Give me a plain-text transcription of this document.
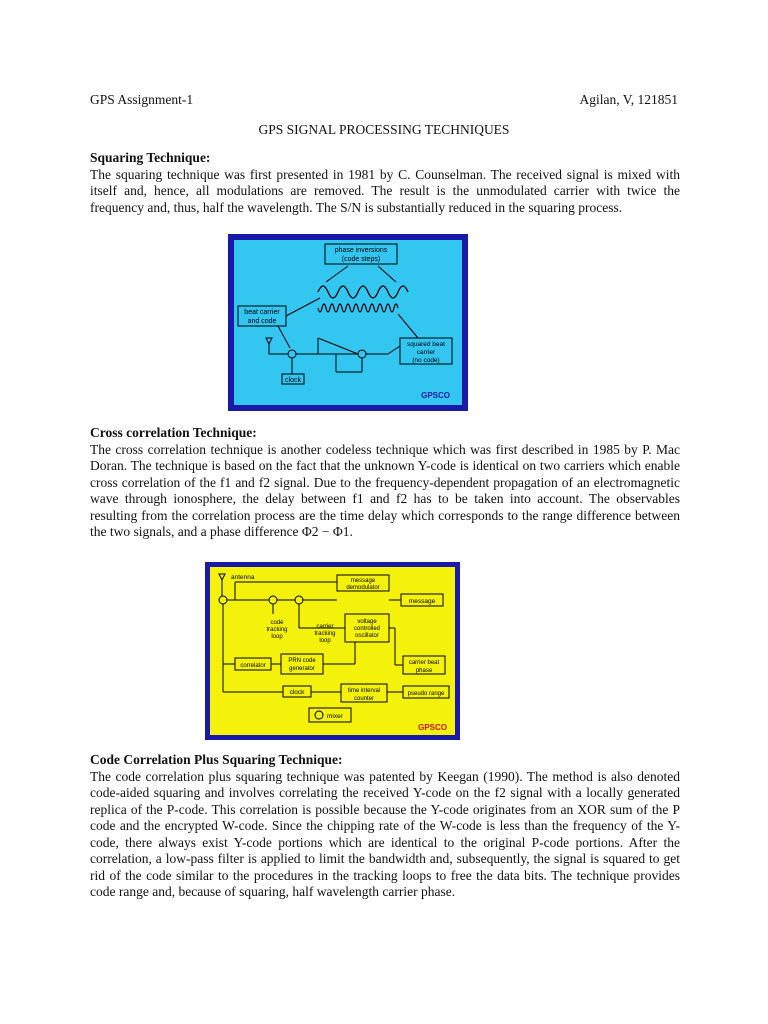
GPS Assignment-1	Agilan, V, 121851
GPS SIGNAL PROCESSING TECHNIQUES
Squaring Technique:

The squaring technique was first presented in 1981 by C. Counselman. The received signal is mixed with itself and, hence, all modulations are removed. The result is the unmodulated carrier with twice the frequency and, thus, half the wavelength. The S/N is substantially reduced in the squaring process.

phase inversions
(code steps)
beat carrier
and code
clock
squared beat
carrier
(no code)
GPSCO
Cross correlation Technique:

The cross correlation technique is another codeless technique which was first described in 1985 by P. Mac Doran. The technique is based on the fact that the unknown Y-code is identical on two carriers which enable cross correlation of the f1 and f2 signal. Due to the frequency-dependent propagation of an electromagnetic wave through ionosphere, the delay between f1 and f2 has to be taken into account. The observables resulting from the correlation process are the time delay which corresponds to the range difference between the two signals, and a phase difference Φ2 − Φ1.

antenna	message
demodulator
message
voltage
controlled
oscillator
code
tracking
loop
carrier
tracking
loop
correlator
PRN code
generator
carrier beat
phase
clock	time interval
counter
pseudo range
mixer
GPSCO
Code Correlation Plus Squaring Technique:

The code correlation plus squaring technique was patented by Keegan (1990). The method is also denoted code-aided squaring and involves correlating the received Y-code on the f2 signal with a locally generated replica of the P-code. This correlation is possible because the Y-code originates from an XOR sum of the P code and the encrypted W-code. Since the chipping rate of the W-code is less than the frequency of the Y-code, there always exist Y-code portions which are identical to the original P-code portions. After the correlation, a low-pass filter is applied to limit the bandwidth and, subsequently, the signal is squared to get rid of the code similar to the procedures in the tracking loops to free the data bits. The technique provides code range and, because of squaring, half wavelength carrier phase.
